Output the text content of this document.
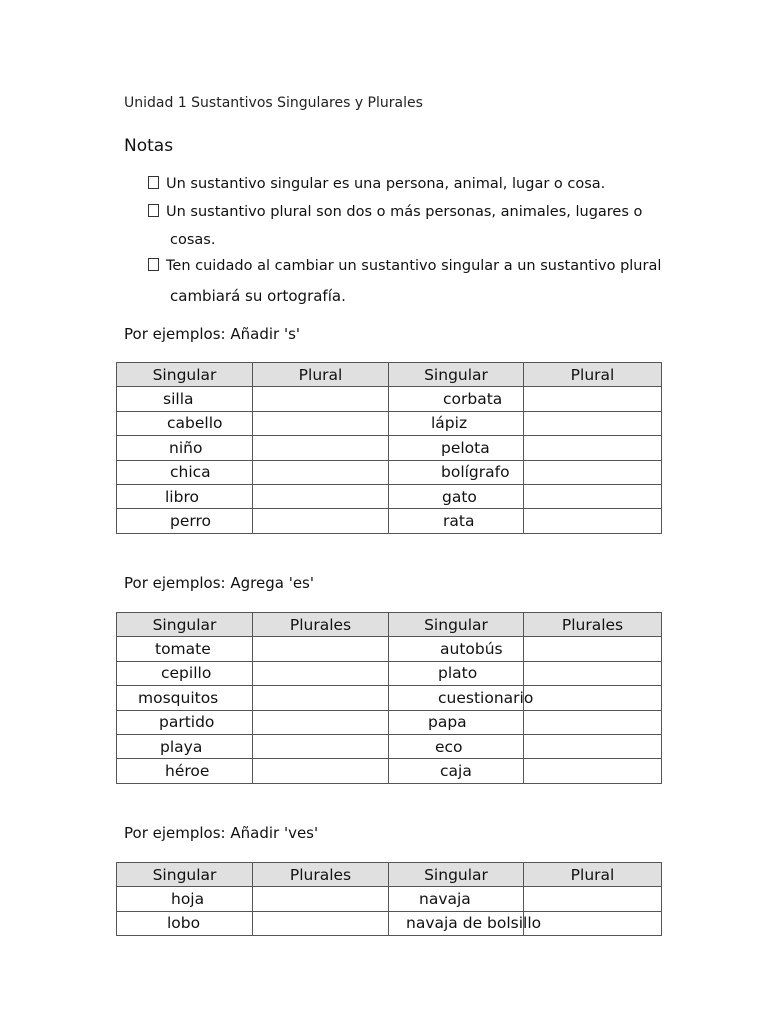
Unidad 1 Sustantivos Singulares y Plurales
Notas
Un sustantivo singular es una persona, animal, lugar o cosa.
Un sustantivo plural son dos o más personas, animales, lugares o
cosas.
Ten cuidado al cambiar un sustantivo singular a un sustantivo plural
cambiará su ortografía.
Por ejemplos: Añadir 's'
Singular	Plural	Singular	Plural
silla		corbata	
cabello		lápiz	
niño		pelota	
chica		bolígrafo	
libro		gato	
perro		rata	
Por ejemplos: Agrega 'es'
Singular	Plurales	Singular	Plurales
tomate		autobús	
cepillo		plato	
mosquitos		cuestionario	
partido		papa	
playa		eco	
héroe		caja	
Por ejemplos: Añadir 'ves'
Singular	Plurales	Singular	Plural
hoja		navaja	
lobo		navaja de bolsillo	
